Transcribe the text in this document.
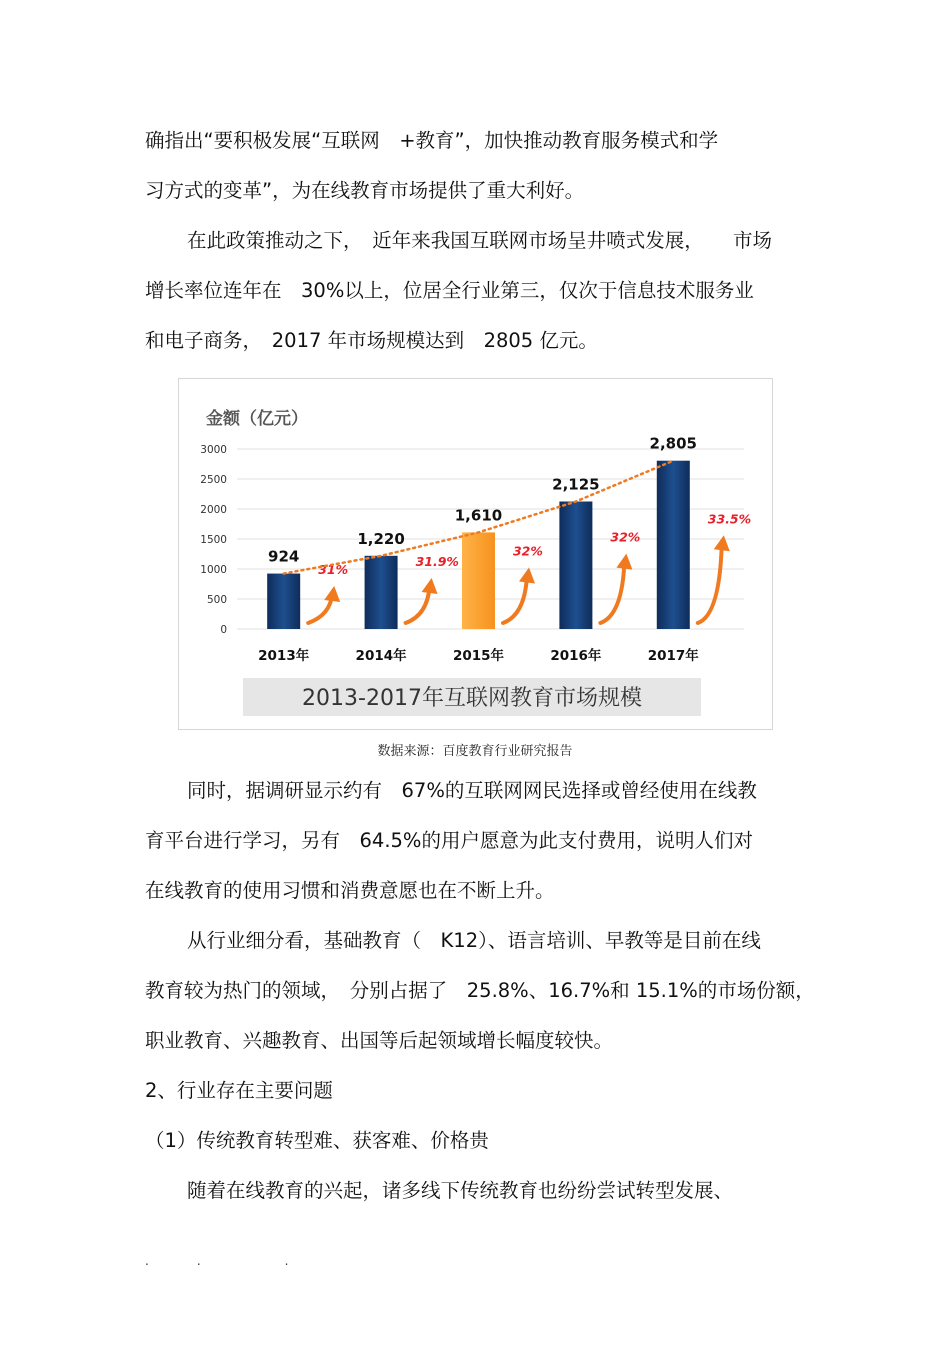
确指出“要积极发展“互联网　+教育”，加快推动教育服务模式和学
习方式的变革”，为在线教育市场提供了重大利好。
在此政策推动之下，　近年来我国互联网市场呈井喷式发展，　　市场
增长率位连年在　30%以上，位居全行业第三，仅次于信息技术服务业
和电子商务，　2017 年市场规模达到　2805 亿元。
金额（亿元）
0
500
1000
1500
2000
2500
3000
924
2013年
31%
1,220
2014年
31.9%
1,610
2015年
32%
2,125
2016年
32%
2,805
2017年
33.5%
2013-2017年互联网教育市场规模
数据来源：百度教育行业研究报告
同时，据调研显示约有　67%的互联网网民选择或曾经使用在线教
育平台进行学习，另有　64.5%的用户愿意为此支付费用，说明人们对
在线教育的使用习惯和消费意愿也在不断上升。
从行业细分看，基础教育（　K12）、语言培训、早教等是目前在线
教育较为热门的领域，　分别占据了　25.8%、16.7%和 15.1%的市场份额，
职业教育、兴趣教育、出国等后起领域增长幅度较快。
2、行业存在主要问题
（1）传统教育转型难、获客难、价格贵
随着在线教育的兴起，诸多线下传统教育也纷纷尝试转型发展、
.　　　　.　　　　　　　.
